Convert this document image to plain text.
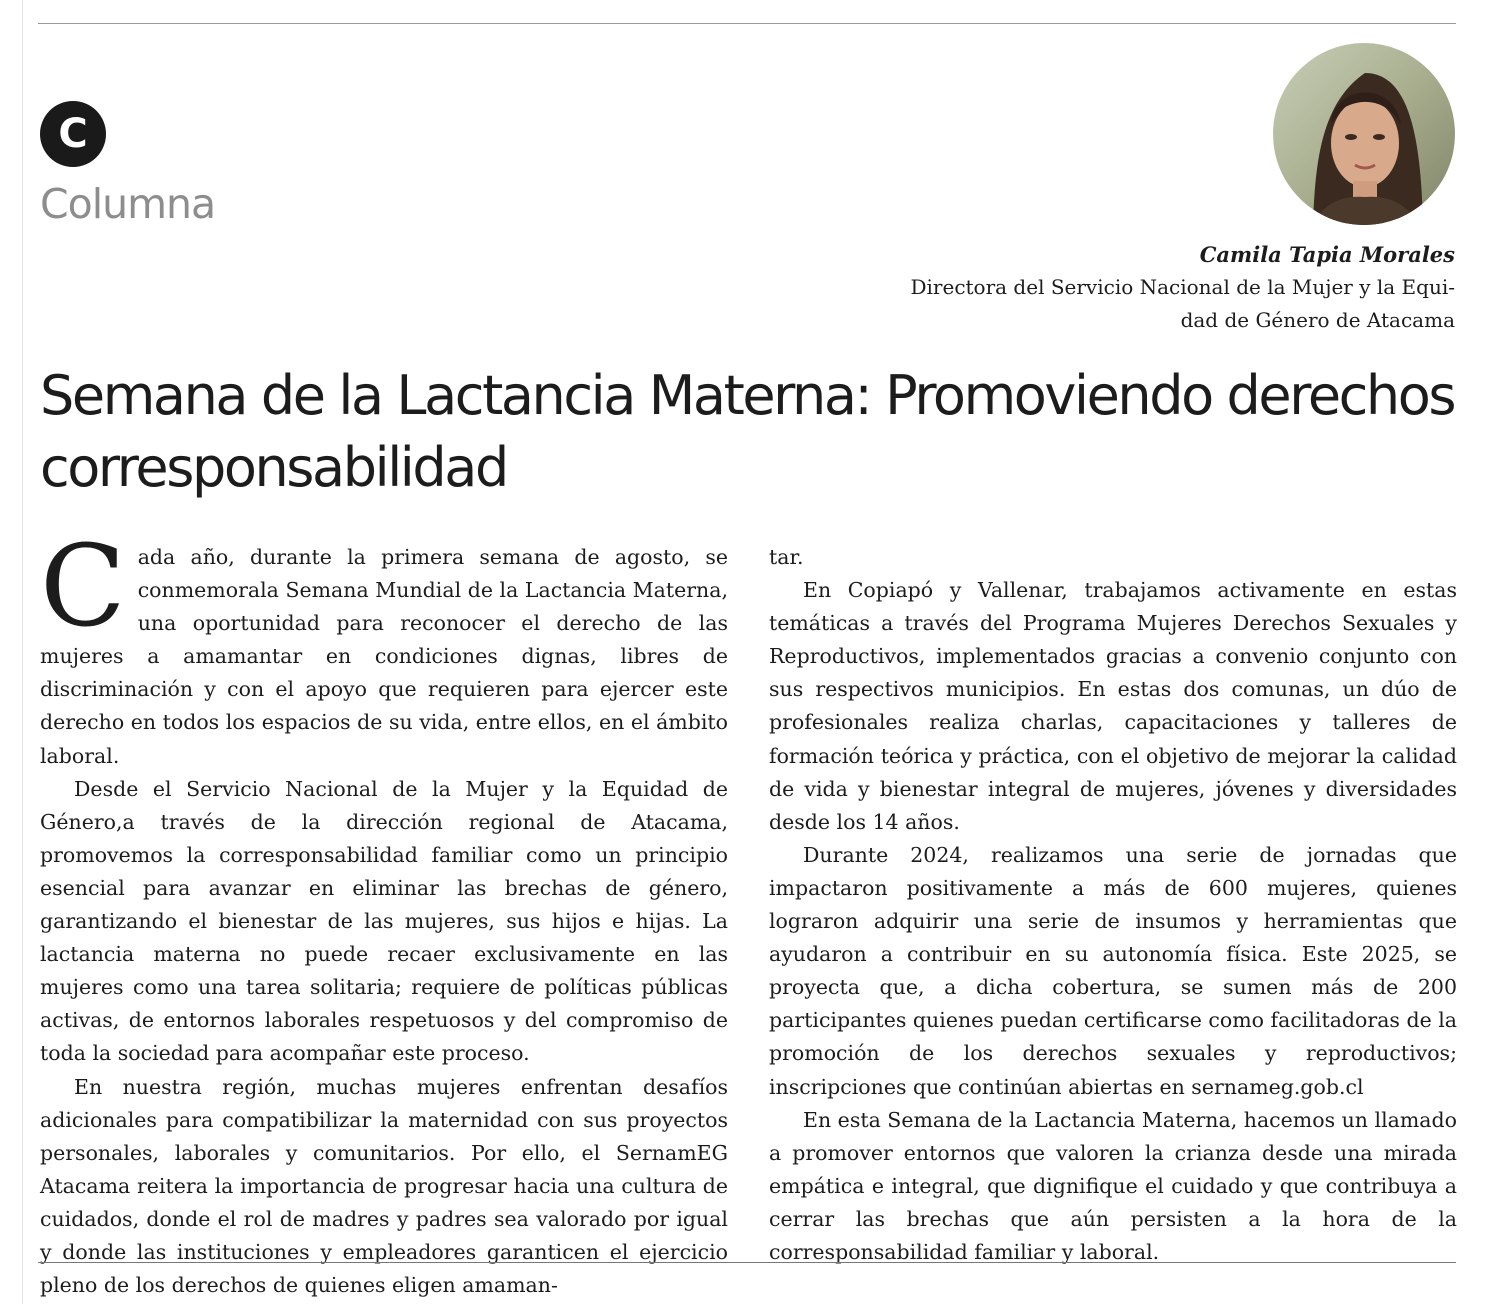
C
Columna
Camila Tapia Morales
Directora del Servicio Nacional de la Mujer y la Equi-
dad de Género de Atacama
Semana de la Lactancia Materna: Promoviendo derechos corresponsabilidad

Cada año, durante la primera semana de agosto, se conmemorala Semana Mundial de la Lactancia Materna, una oportunidad para reconocer el derecho de las mujeres a amamantar en condiciones dignas, libres de discriminación y con el apoyo que requieren para ejercer este derecho en todos los espacios de su vida, entre ellos, en el ámbito laboral.

Desde el Servicio Nacional de la Mujer y la Equidad de Género,a través de la dirección regional de Atacama, promovemos la corresponsabilidad familiar como un principio esencial para avanzar en eliminar las brechas de género, garantizando el bienestar de las mujeres, sus hijos e hijas. La lactancia materna no puede recaer exclusivamente en las mujeres como una tarea solitaria; requiere de políticas públicas activas, de entornos laborales respetuosos y del compromiso de toda la sociedad para acompañar este proceso.

En nuestra región, muchas mujeres enfrentan desafíos adicionales para compatibilizar la maternidad con sus proyectos personales, laborales y comunitarios. Por ello, el SernamEG Atacama reitera la importancia de progresar hacia una cultura de cuidados, donde el rol de madres y padres sea valorado por igual y donde las instituciones y empleadores garanticen el ejercicio pleno de los derechos de quienes eligen amaman-

tar.

En Copiapó y Vallenar, trabajamos activamente en estas temáticas a través del Programa Mujeres Derechos Sexuales y Reproductivos, implementados gracias a convenio conjunto con sus respectivos municipios. En estas dos comunas, un dúo de profesionales realiza charlas, capacitaciones y talleres de formación teórica y práctica, con el objetivo de mejorar la calidad de vida y bienestar integral de mujeres, jóvenes y diversidades desde los 14 años.

Durante 2024, realizamos una serie de jornadas que impactaron positivamente a más de 600 mujeres, quienes lograron adquirir una serie de insumos y herramientas que ayudaron a contribuir en su autonomía física. Este 2025, se proyecta que, a dicha cobertura, se sumen más de 200 participantes quienes puedan certificarse como facilitadoras de la promoción de los derechos sexuales y reproductivos; inscripciones que continúan abiertas en sernameg.gob.cl

En esta Semana de la Lactancia Materna, hacemos un llamado a promover entornos que valoren la crianza desde una mirada empática e integral, que dignifique el cuidado y que contribuya a cerrar las brechas que aún persisten a la hora de la corresponsabilidad familiar y laboral.
